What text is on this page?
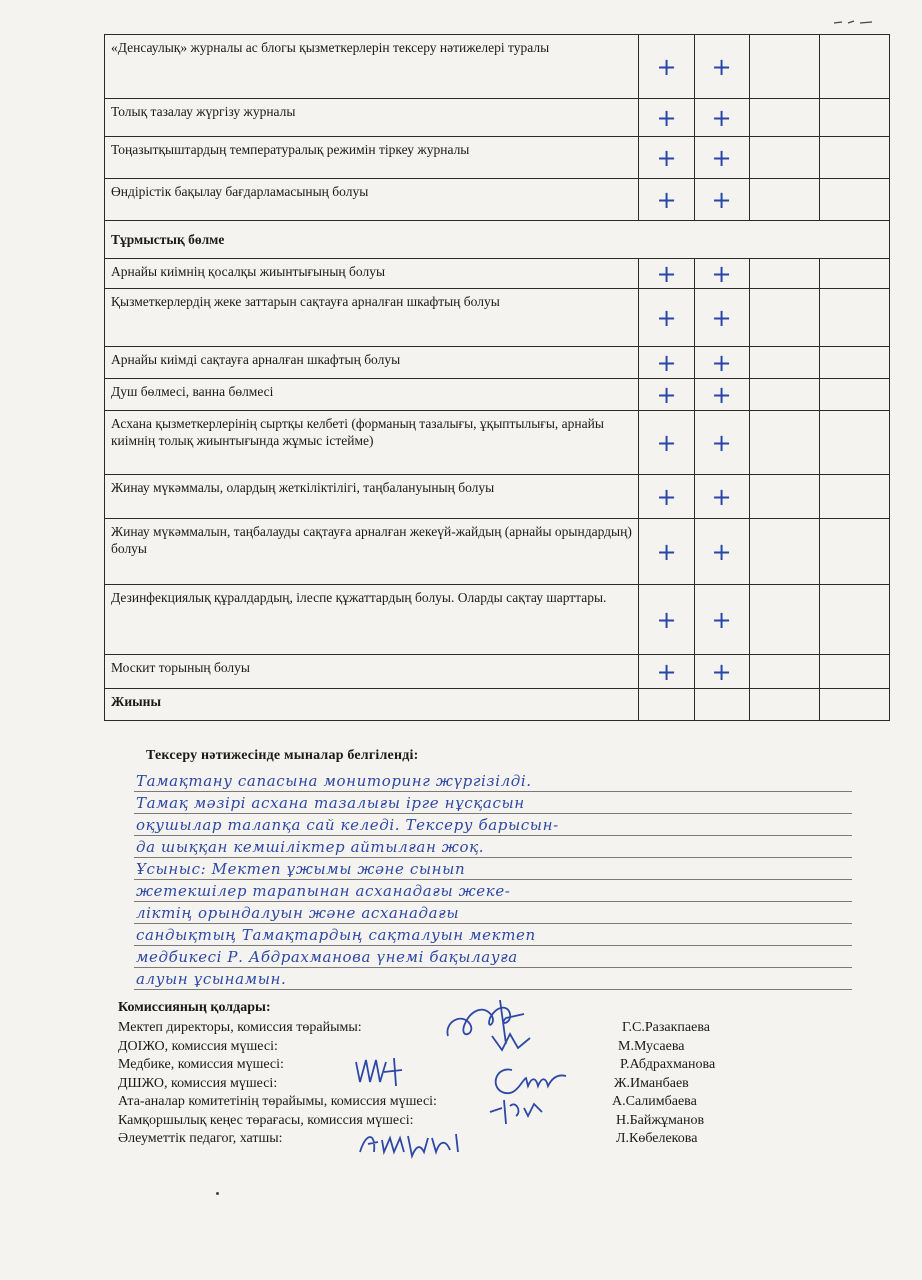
«Денсаулық» журналы ас блогы қызметкерлерін тексеру нәтижелері туралы	+	+		
Толық тазалау жүргізу журналы	+	+		
Тоңазытқыштардың температуралық режимін тіркеу журналы	+	+		
Өндірістік бақылау бағдарламасының болуы	+	+		
Тұрмыстық бөлме				
Арнайы киімнің қосалқы жиынтығының болуы	+	+		
Қызметкерлердің жеке заттарын сақтауға арналған шкафтың болуы	+	+		
Арнайы киімді сақтауға арналған шкафтың болуы	+	+		
Душ бөлмесі, ванна бөлмесі	+	+		
Асхана қызметкерлерінің сыртқы келбеті (форманың тазалығы, ұқыптылығы, арнайы киімнің толық жиынтығында жұмыс істейме)	+	+		
Жинау мүкәммалы, олардың жеткіліктілігі, таңбалануының болуы	+	+		
Жинау мүкәммалын, таңбалауды сақтауға арналған жекеүй-жайдың (арнайы орындардың) болуы	+	+		
Дезинфекциялық құралдардың, ілеспе құжаттардың болуы. Оларды сақтау шарттары.	+	+		
Москит торының болуы	+	+		
Жиыны				
Тексеру нәтижесінде мыналар белгіленді:
Тамақтану сапасына мониторинг жүргізілді.
Тамақ мәзірі асхана тазалығы ірге нұсқасын
оқушылар талапқа сай келеді. Тексеру барысын-
да шыққан кемшіліктер айтылған жоқ.
Ұсыныс: Мектеп ұжымы және сынып
жетекшілер тарапынан асханадағы жеке-
ліктің орындалуын және асханадағы
сандықтың Тамақтардың сақталуын мектеп
медбикесі Р. Абдрахманова үнемі бақылауға
алуын ұсынамын.
Комиссияның қолдары:
Мектеп директоры, комиссия төрайымы:	Г.С.Разакпаева
ДОІЖО, комиссия мүшесі:	М.Мусаева
Медбике, комиссия мүшесі:	Р.Абдрахманова
ДШЖО, комиссия мүшесі:	Ж.Иманбаев
Ата-аналар комитетінің төрайымы, комиссия мүшесі:	А.Салимбаева
Камқоршылық кеңес төрағасы, комиссия мүшесі:	Н.Байжұманов
Әлеуметтік педагог, хатшы:	Л.Көбелекова
